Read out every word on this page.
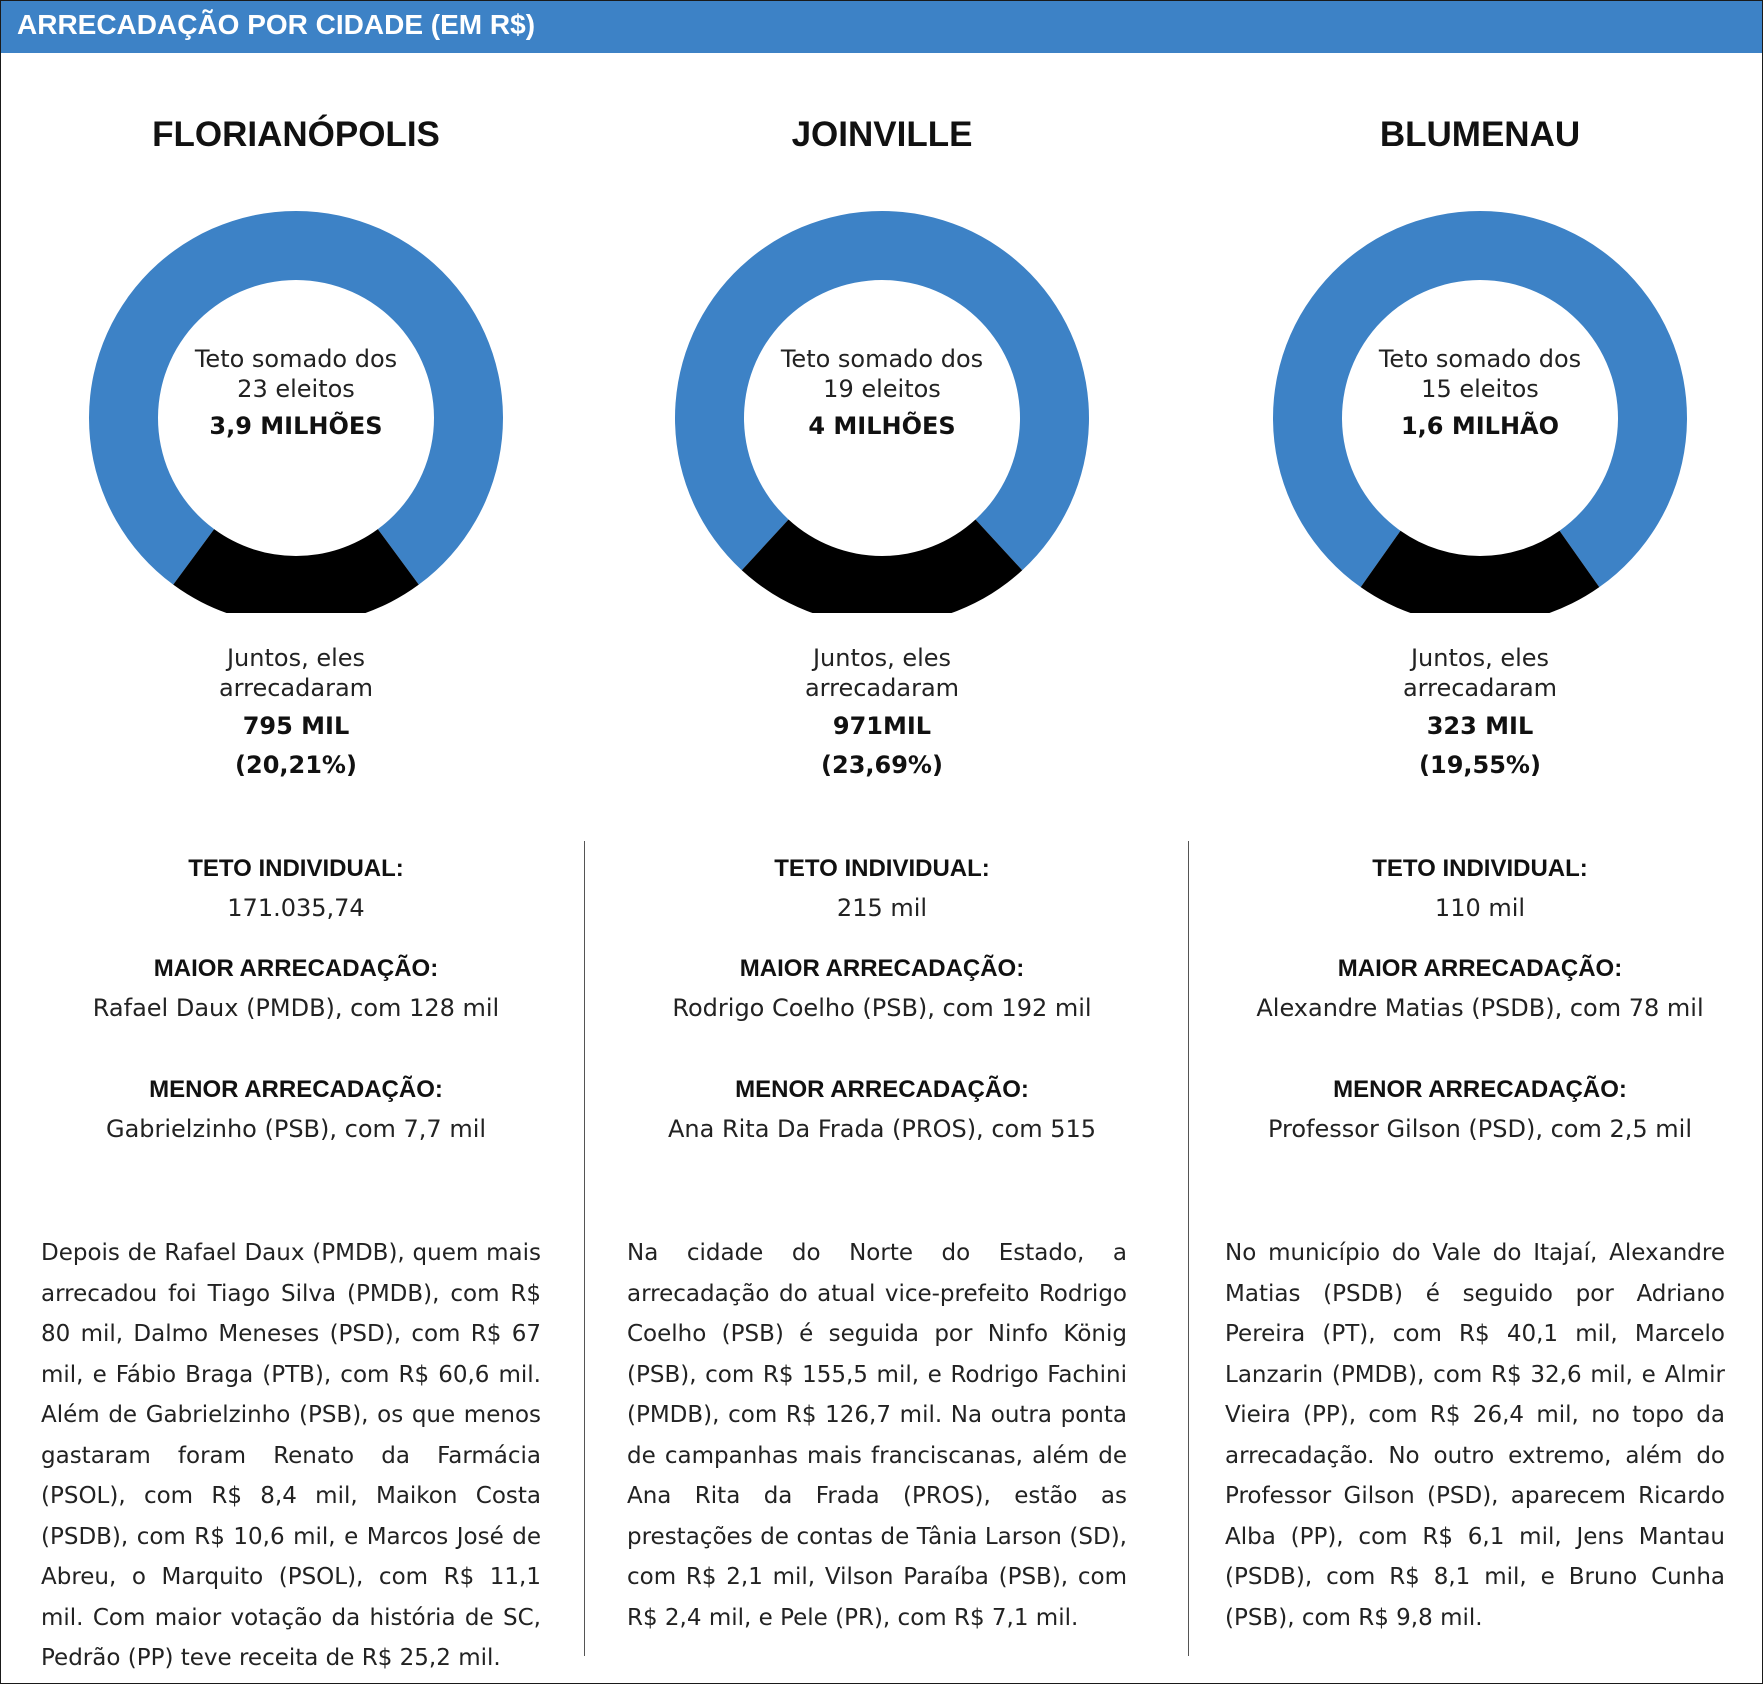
ARRECADAÇÃO POR CIDADE (EM R$)
FLORIANÓPOLIS
Teto somado dos
23 eleitos
3,9 MILHÕES
Juntos, eles
arrecadaram
795 MIL
(20,21%)
TETO INDIVIDUAL:
171.035,74
MAIOR ARRECADAÇÃO:
Rafael Daux (PMDB), com 128 mil
MENOR ARRECADAÇÃO:
Gabrielzinho (PSB), com 7,7 mil
Depois de Rafael Daux (PMDB), quem mais arrecadou foi Tiago Silva (PMDB), com R$ 80 mil, Dalmo Meneses (PSD), com R$ 67 mil, e Fábio Braga (PTB), com R$ 60,6 mil. Além de Gabrielzinho (PSB), os que menos gastaram foram Renato da Farmácia (PSOL), com R$ 8,4 mil, Maikon Costa (PSDB), com R$ 10,6 mil, e Marcos José de Abreu, o Marquito (PSOL), com R$ 11,1 mil. Com maior votação da história de SC, Pedrão (PP) teve receita de R$ 25,2 mil.
JOINVILLE
Teto somado dos
19 eleitos
4 MILHÕES
Juntos, eles
arrecadaram
971MIL
(23,69%)
TETO INDIVIDUAL:
215 mil
MAIOR ARRECADAÇÃO:
Rodrigo Coelho (PSB), com 192 mil
MENOR ARRECADAÇÃO:
Ana Rita Da Frada (PROS), com 515
Na cidade do Norte do Estado, a arrecadação do atual vice-prefeito Rodrigo Coelho (PSB) é seguida por Ninfo König (PSB), com R$ 155,5 mil, e Rodrigo Fachini (PMDB), com R$ 126,7 mil. Na outra ponta de campanhas mais franciscanas, além de Ana Rita da Frada (PROS), estão as prestações de contas de Tânia Larson (SD), com R$ 2,1 mil, Vilson Paraíba (PSB), com R$ 2,4 mil, e Pele (PR), com R$ 7,1 mil.
BLUMENAU
Teto somado dos
15 eleitos
1,6 MILHÃO
Juntos, eles
arrecadaram
323 MIL
(19,55%)
TETO INDIVIDUAL:
110 mil
MAIOR ARRECADAÇÃO:
Alexandre Matias (PSDB), com 78 mil
MENOR ARRECADAÇÃO:
Professor Gilson (PSD), com 2,5 mil
No município do Vale do Itajaí, Alexandre Matias (PSDB) é seguido por Adriano Pereira (PT), com R$ 40,1 mil, Marcelo Lanzarin (PMDB), com R$ 32,6 mil, e Almir Vieira (PP), com R$ 26,4 mil, no topo da arrecadação. No outro extremo, além do Professor Gilson (PSD), aparecem Ricardo Alba (PP), com R$ 6,1 mil, Jens Mantau (PSDB), com R$ 8,1 mil, e Bruno Cunha (PSB), com R$ 9,8 mil.
